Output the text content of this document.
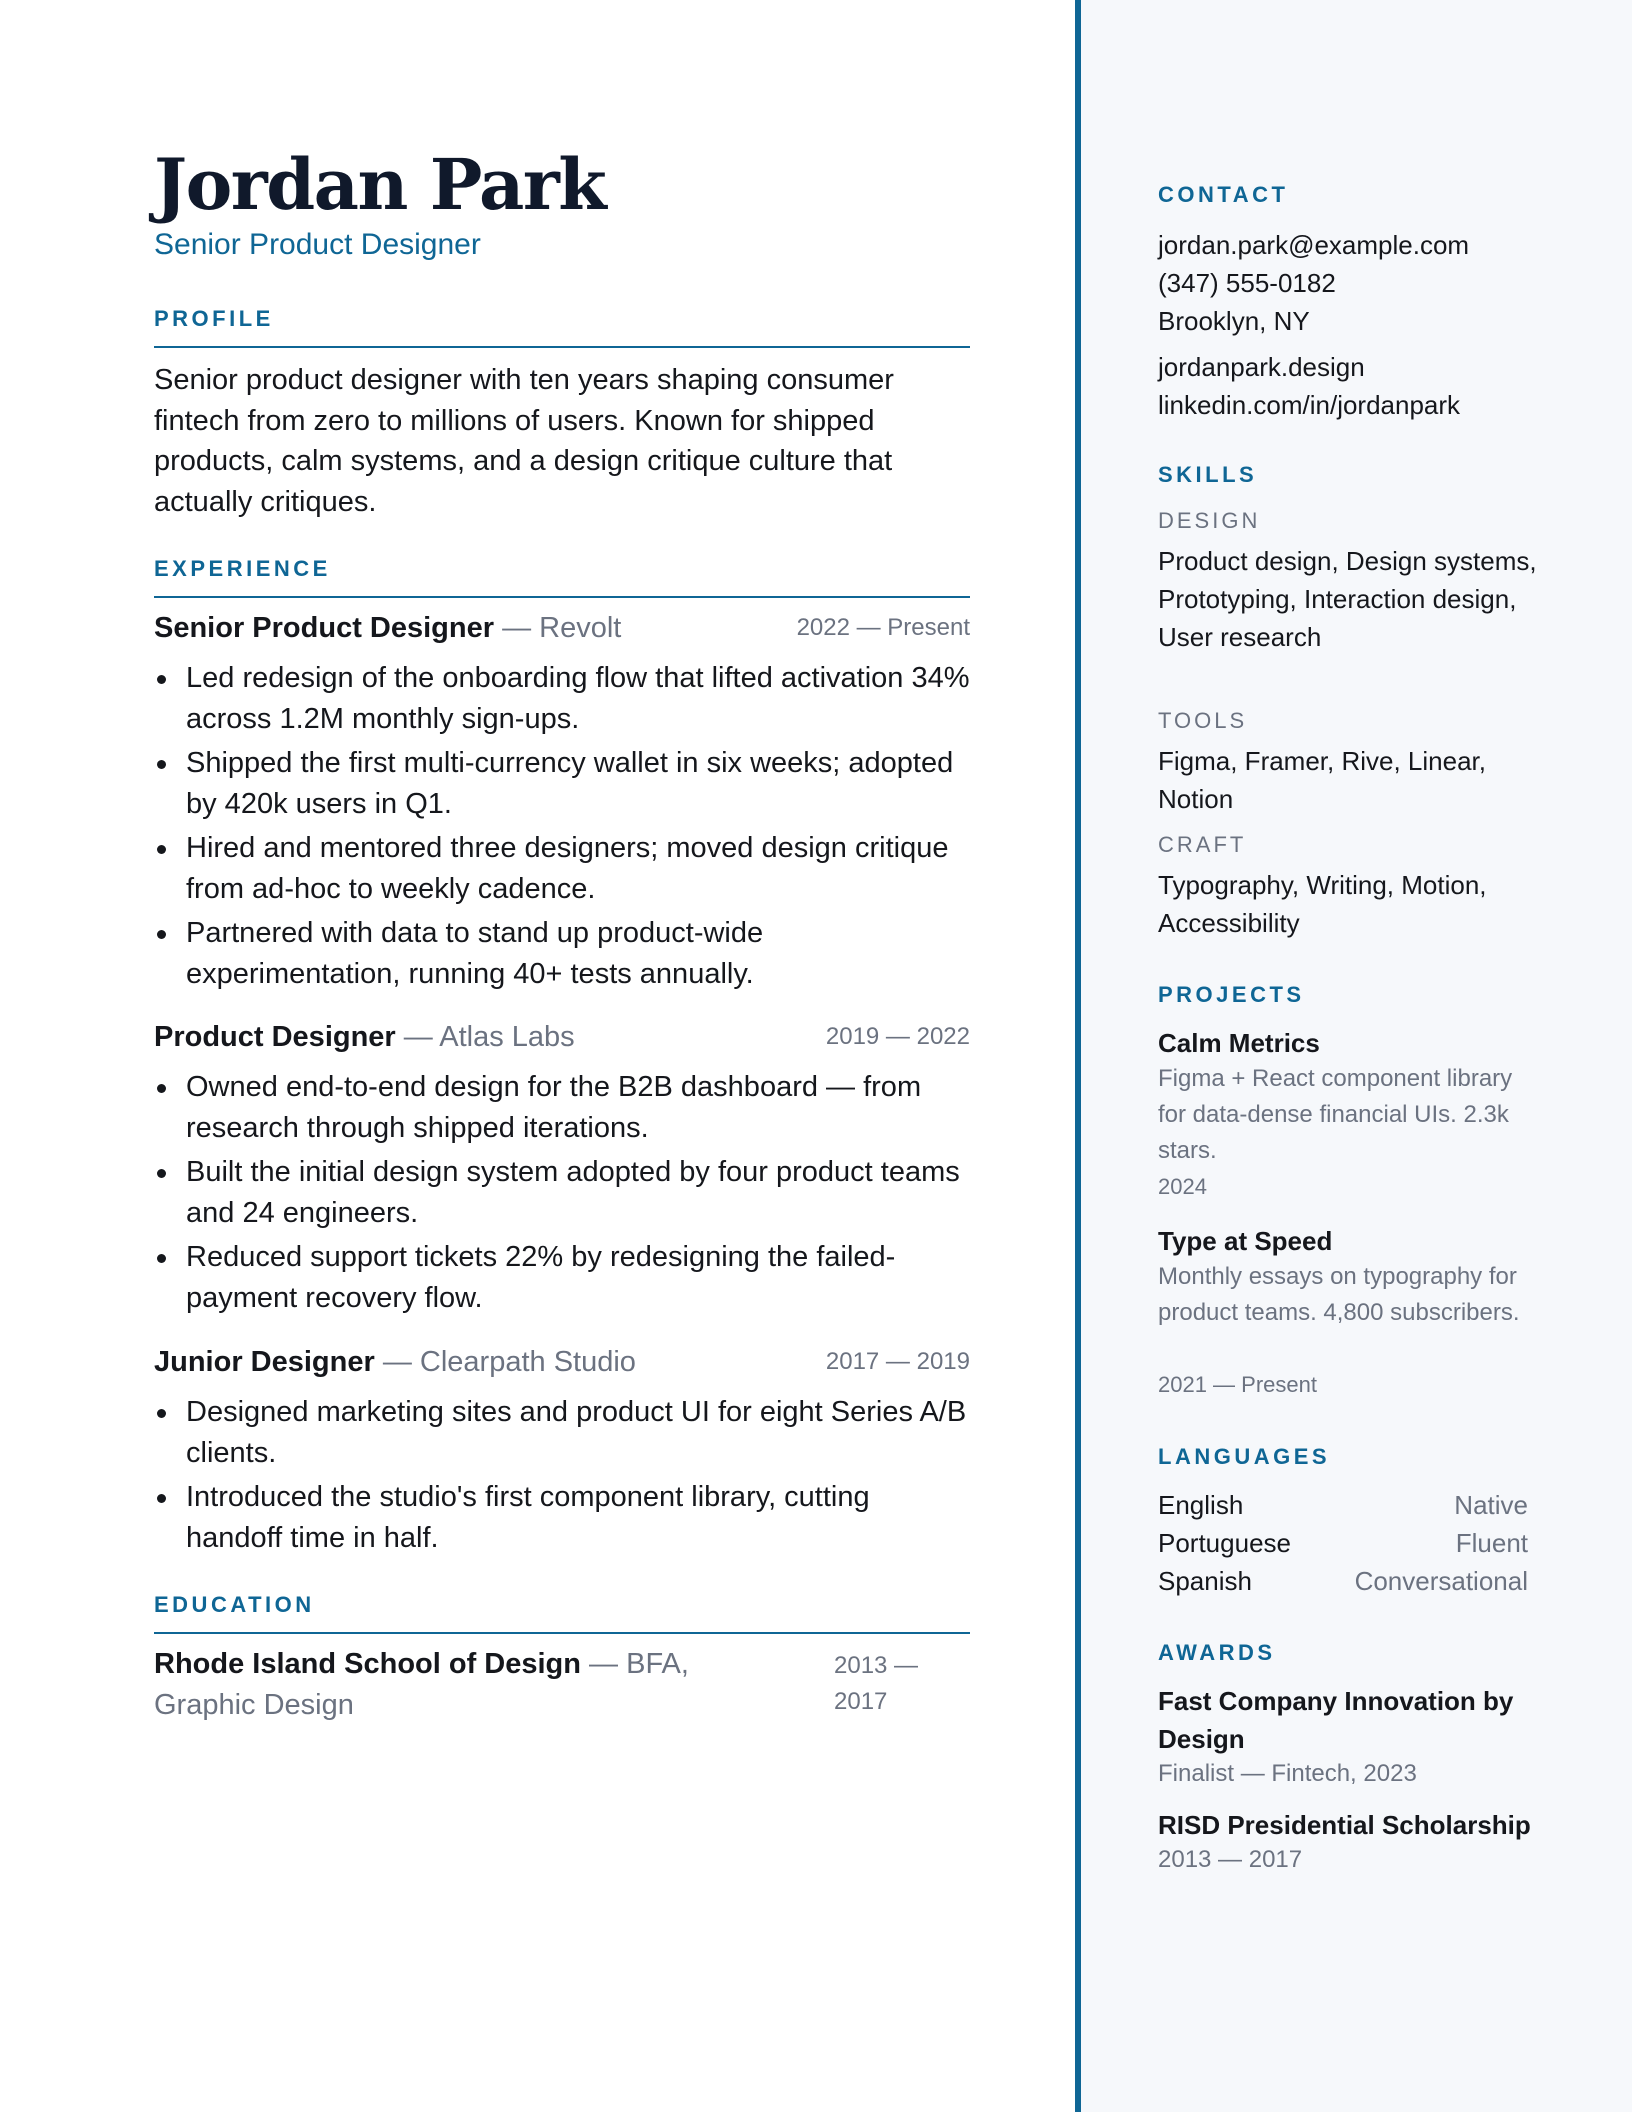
Jordan Park
Senior Product Designer
PROFILE
Senior product designer with ten years shaping consumer fintech from zero to millions of users. Known for shipped products, calm systems, and a design critique culture that actually critiques.
EXPERIENCE
Senior Product Designer — Revolt	2022 — Present
Led redesign of the onboarding flow that lifted activation 34% across 1.2M monthly sign-ups.
Shipped the first multi-currency wallet in six weeks; adopted by 420k users in Q1.
Hired and mentored three designers; moved design critique from ad-hoc to weekly cadence.
Partnered with data to stand up product-wide experimentation, running 40+ tests annually.
Product Designer — Atlas Labs	2019 — 2022
Owned end-to-end design for the B2B dashboard — from research through shipped iterations.
Built the initial design system adopted by four product teams and 24 engineers.
Reduced support tickets 22% by redesigning the failed-payment recovery flow.
Junior Designer — Clearpath Studio	2017 — 2019
Designed marketing sites and product UI for eight Series A/B clients.
Introduced the studio's first component library, cutting handoff time in half.
EDUCATION
Rhode Island School of Design — BFA, Graphic Design
2013 — 2017
CONTACT
jordan.park@example.com
(347) 555-0182
Brooklyn, NY
jordanpark.design
linkedin.com/in/jordanpark
SKILLS
DESIGN
Product design, Design systems, Prototyping, Interaction design, User research
TOOLS
Figma, Framer, Rive, Linear, Notion
CRAFT
Typography, Writing, Motion, Accessibility
PROJECTS
Calm Metrics
Figma + React component library for data-dense financial UIs. 2.3k stars.
2024
Type at Speed
Monthly essays on typography for product teams. 4,800 subscribers.
2021 — Present
LANGUAGES
English	Native
Portuguese	Fluent
Spanish	Conversational
AWARDS
Fast Company Innovation by Design
Finalist — Fintech, 2023
RISD Presidential Scholarship
2013 — 2017
